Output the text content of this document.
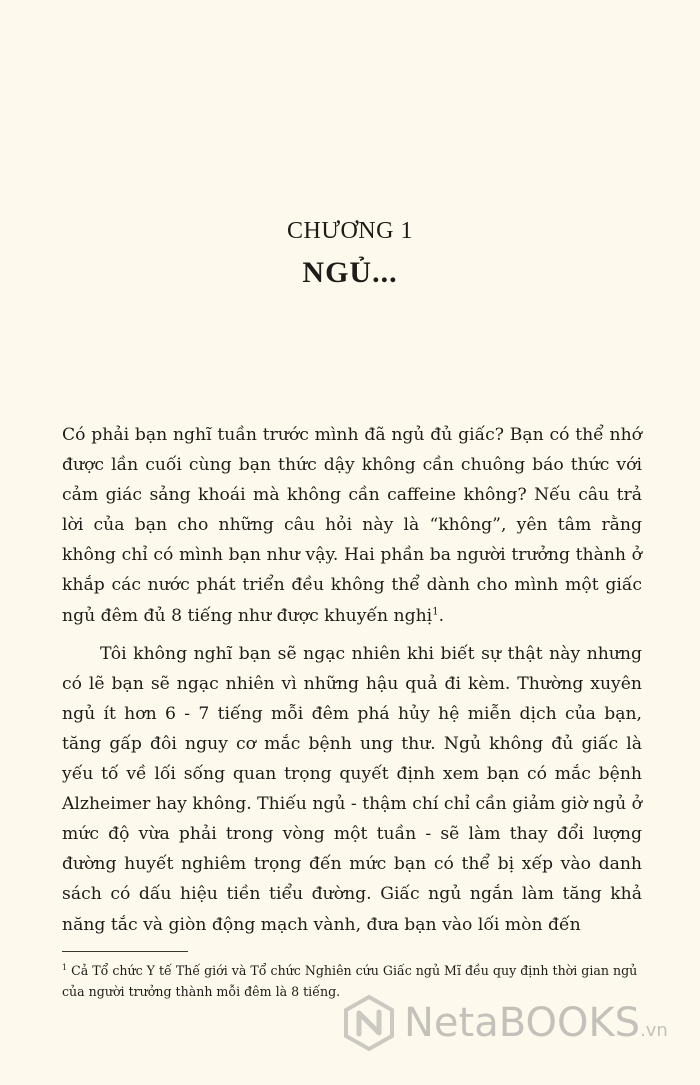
CHƯƠNG 1
NGỦ...

Có phải bạn nghĩ tuần trước mình đã ngủ đủ giấc? Bạn có thể nhớ được lần cuối cùng bạn thức dậy không cần chuông báo thức với cảm giác sảng khoái mà không cần caffeine không? Nếu câu trả lời của bạn cho những câu hỏi này là “không”, yên tâm rằng không chỉ có mình bạn như vậy. Hai phần ba người trưởng thành ở khắp các nước phát triển đều không thể dành cho mình một giấc ngủ đêm đủ 8 tiếng như được khuyến nghị$^1$.

Tôi không nghĩ bạn sẽ ngạc nhiên khi biết sự thật này nhưng có lẽ bạn sẽ ngạc nhiên vì những hậu quả đi kèm. Thường xuyên ngủ ít hơn 6 - 7 tiếng mỗi đêm phá hủy hệ miễn dịch của bạn, tăng gấp đôi nguy cơ mắc bệnh ung thư. Ngủ không đủ giấc là yếu tố về lối sống quan trọng quyết định xem bạn có mắc bệnh Alzheimer hay không. Thiếu ngủ - thậm chí chỉ cần giảm giờ ngủ ở mức độ vừa phải trong vòng một tuần - sẽ làm thay đổi lượng đường huyết nghiêm trọng đến mức bạn có thể bị xếp vào danh sách có dấu hiệu tiền tiểu đường. Giấc ngủ ngắn làm tăng khả năng tắc và giòn động mạch vành, đưa bạn vào lối mòn đến

$^1$ Cả Tổ chức Y tế Thế giới và Tổ chức Nghiên cứu Giấc ngủ Mĩ đều quy định thời gian ngủ của người trưởng thành mỗi đêm là 8 tiếng.
NetaBOOKS.vn
